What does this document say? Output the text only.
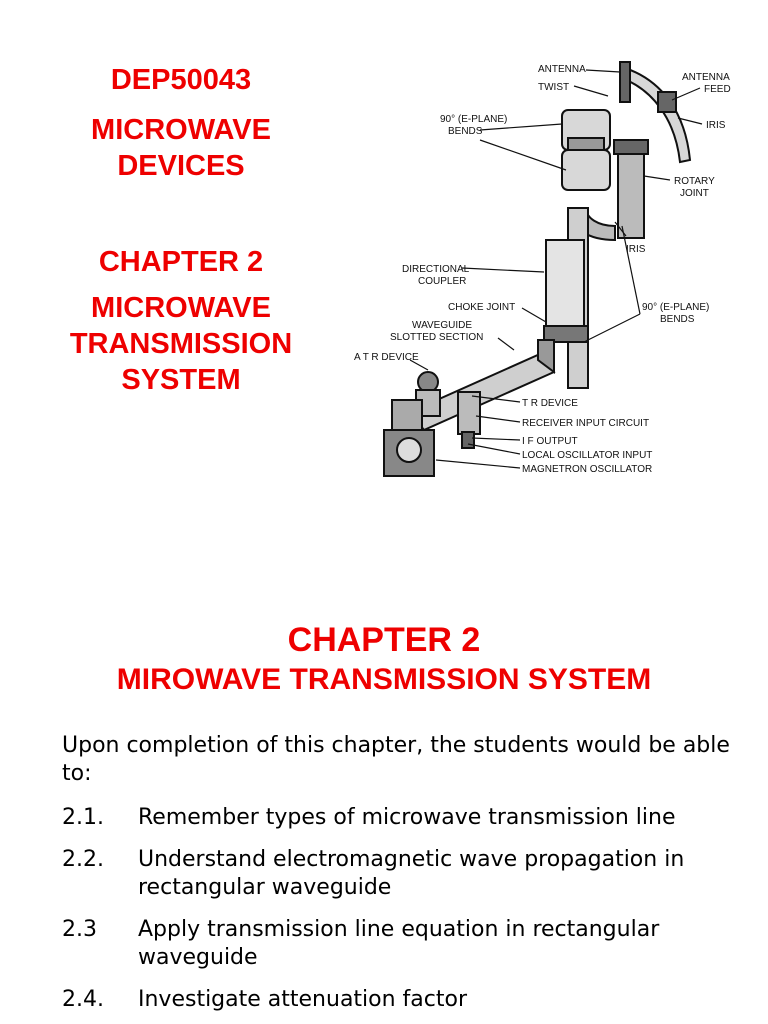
DEP50043
MICROWAVE
DEVICES
CHAPTER 2
MICROWAVE
TRANSMISSION
SYSTEM
ANTENNA
TWIST
ANTENNA
FEED
90° (E-PLANE)
BENDS
IRIS
ROTARY
JOINT
IRIS
DIRECTIONAL
COUPLER
CHOKE JOINT	90° (E-PLANE)
BENDS
WAVEGUIDE
SLOTTED SECTION
A T R DEVICE
T R DEVICE
RECEIVER INPUT CIRCUIT
I F OUTPUT
LOCAL OSCILLATOR INPUT
MAGNETRON OSCILLATOR
CHAPTER 2
MIROWAVE TRANSMISSION SYSTEM
Upon completion of this chapter, the students would be able to:
2.1.	Remember types of microwave transmission line
2.2.	Understand electromagnetic wave propagation in rectangular waveguide
2.3	Apply transmission line equation in rectangular waveguide
2.4.	Investigate attenuation factor
